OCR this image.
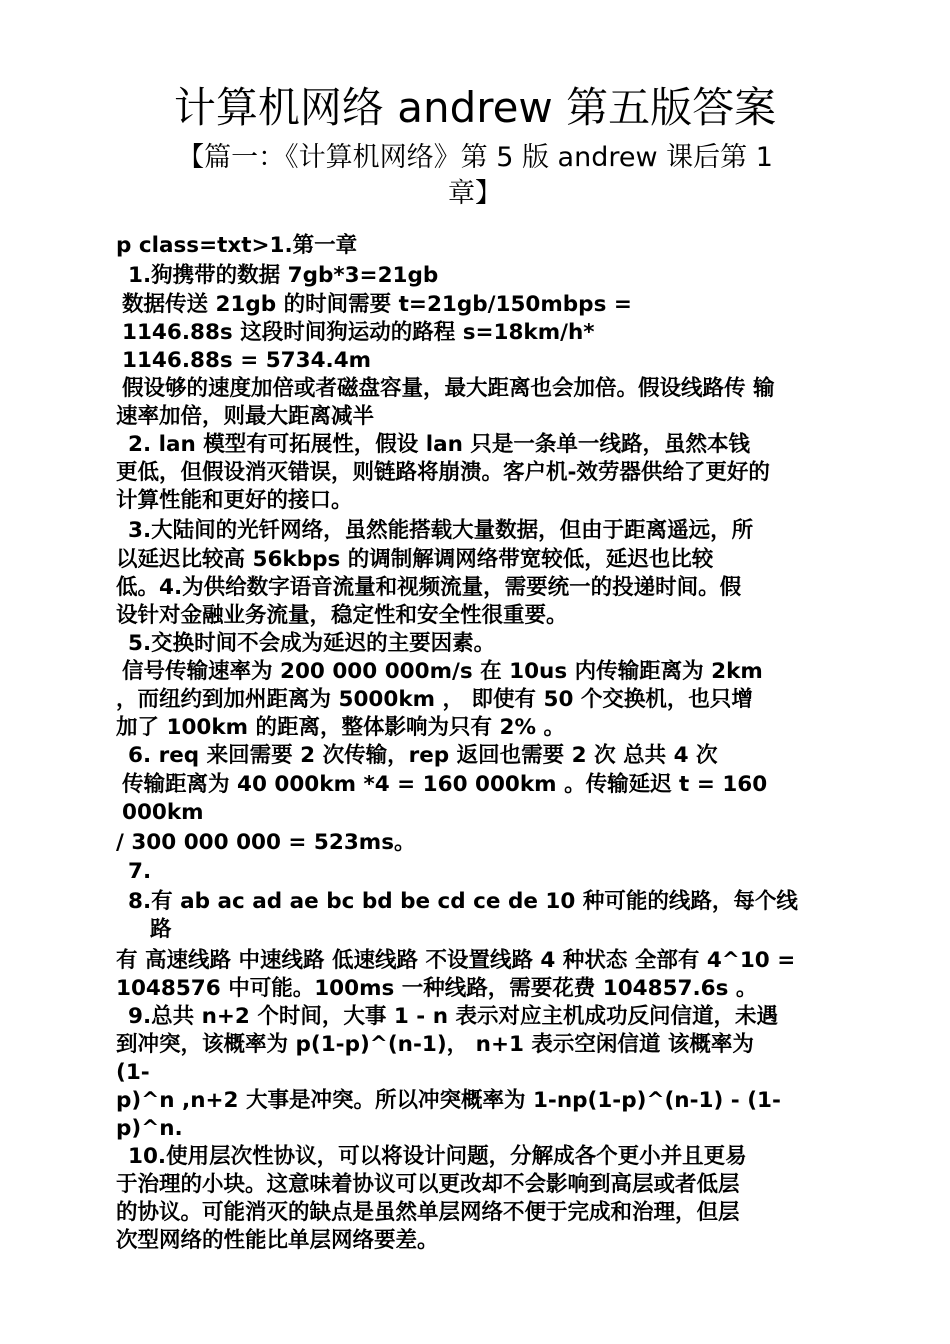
计算机网络 andrew 第五版答案
【篇一：《计算机网络》第 5 版 andrew 课后第 1
章】
p class=txt>1.第一章
1.狗携带的数据 7gb*3=21gb
数据传送 21gb 的时间需要 t=21gb/150mbps =
1146.88s 这段时间狗运动的路程 s=18km/h*
1146.88s = 5734.4m
假设够的速度加倍或者磁盘容量，最大距离也会加倍。假设线路传 输
速率加倍，则最大距离减半
2. lan 模型有可拓展性，假设 lan 只是一条单一线路，虽然本钱
更低，但假设消灭错误，则链路将崩溃。客户机-效劳器供给了更好的
计算性能和更好的接口。
3.大陆间的光钎网络，虽然能搭载大量数据，但由于距离遥远，所
以延迟比较高 56kbps 的调制解调网络带宽较低，延迟也比较
低。4.为供给数字语音流量和视频流量，需要统一的投递时间。假
设针对金融业务流量，稳定性和安全性很重要。
5.交换时间不会成为延迟的主要因素。
信号传输速率为 200 000 000m/s 在 10us 内传输距离为 2km
，而纽约到加州距离为 5000km ， 即使有 50 个交换机，也只增
加了 100km 的距离，整体影响为只有 2% 。
6. req 来回需要 2 次传输，rep 返回也需要 2 次 总共 4 次
传输距离为 40 000km *4 = 160 000km 。传输延迟 t = 160
000km
/ 300 000 000 = 523ms。
7.
8.有 ab ac ad ae bc bd be cd ce de 10 种可能的线路，每个线
路
有 高速线路 中速线路 低速线路 不设置线路 4 种状态 全部有 4^10 =
1048576 中可能。100ms 一种线路，需要花费 104857.6s 。
9.总共 n+2 个时间，大事 1 - n 表示对应主机成功反问信道，未遇
到冲突，该概率为 p(1-p)^(n-1)， n+1 表示空闲信道 该概率为
(1-
p)^n ,n+2 大事是冲突。所以冲突概率为 1-np(1-p)^(n-1) - (1-
p)^n.
10.使用层次性协议，可以将设计问题，分解成各个更小并且更易
于治理的小块。这意味着协议可以更改却不会影响到高层或者低层
的协议。可能消灭的缺点是虽然单层网络不便于完成和治理，但层
次型网络的性能比单层网络要差。
